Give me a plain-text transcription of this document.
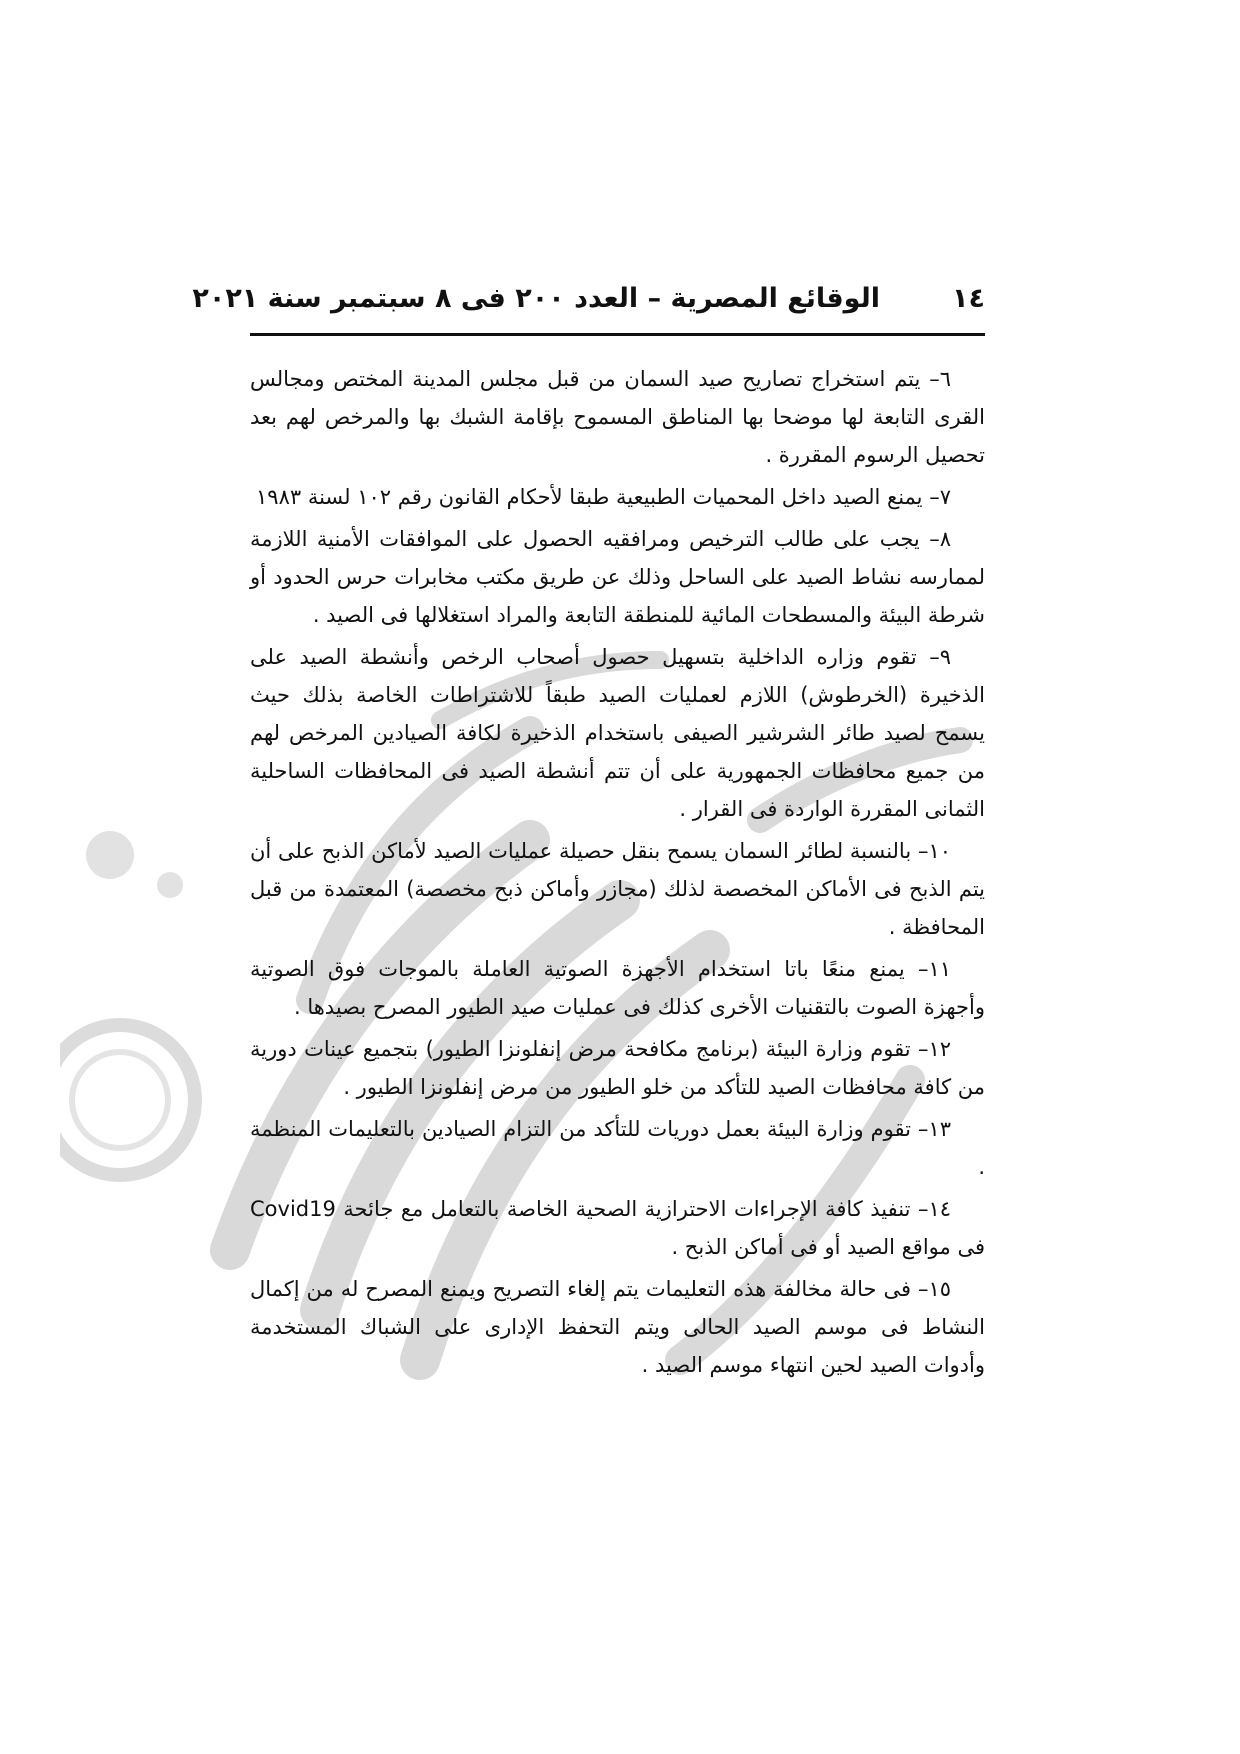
١٤
الوقائع المصرية – العدد ٢٠٠ فى ٨ سبتمبر سنة ٢٠٢١

٦– يتم استخراج تصاريح صيد السمان من قبل مجلس المدينة المختص ومجالس القرى التابعة لها موضحا بها المناطق المسموح بإقامة الشبك بها والمرخص لهم بعد تحصيل الرسوم المقررة .

٧– يمنع الصيد داخل المحميات الطبيعية طبقا لأحكام القانون رقم ١٠٢ لسنة ١٩٨٣

٨– يجب على طالب الترخيص ومرافقيه الحصول على الموافقات الأمنية اللازمة لممارسه نشاط الصيد على الساحل وذلك عن طريق مكتب مخابرات حرس الحدود أو شرطة البيئة والمسطحات المائية للمنطقة التابعة والمراد استغلالها فى الصيد .

٩– تقوم وزاره الداخلية بتسهيل حصول أصحاب الرخص وأنشطة الصيد على الذخيرة (الخرطوش) اللازم لعمليات الصيد طبقاً للاشتراطات الخاصة بذلك حيث يسمح لصيد طائر الشرشير الصيفى باستخدام الذخيرة لكافة الصيادين المرخص لهم من جميع محافظات الجمهورية على أن تتم أنشطة الصيد فى المحافظات الساحلية الثمانى المقررة الواردة فى القرار .

١٠– بالنسبة لطائر السمان يسمح بنقل حصيلة عمليات الصيد لأماكن الذبح على أن يتم الذبح فى الأماكن المخصصة لذلك (مجازر وأماكن ذبح مخصصة) المعتمدة من قبل المحافظة .

١١– يمنع منعًا باتا استخدام الأجهزة الصوتية العاملة بالموجات فوق الصوتية وأجهزة الصوت بالتقنيات الأخرى كذلك فى عمليات صيد الطيور المصرح بصيدها .

١٢– تقوم وزارة البيئة (برنامج مكافحة مرض إنفلونزا الطيور) بتجميع عينات دورية من كافة محافظات الصيد للتأكد من خلو الطيور من مرض إنفلونزا الطيور .

١٣– تقوم وزارة البيئة بعمل دوريات للتأكد من التزام الصيادين بالتعليمات المنظمة .

١٤– تنفيذ كافة الإجراءات الاحترازية الصحية الخاصة بالتعامل مع جائحة Covid19 فى مواقع الصيد أو فى أماكن الذبح .

١٥– فى حالة مخالفة هذه التعليمات يتم إلغاء التصريح ويمنع المصرح له من إكمال النشاط فى موسم الصيد الحالى ويتم التحفظ الإدارى على الشباك المستخدمة وأدوات الصيد لحين انتهاء موسم الصيد .
